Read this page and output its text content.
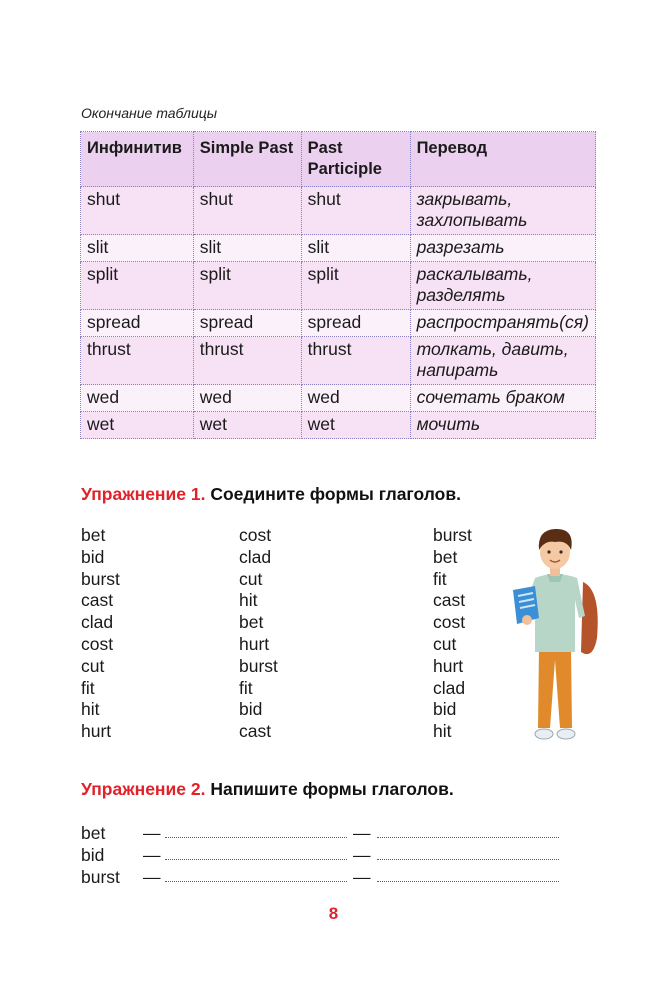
Окончание таблицы
Инфинитив	Simple Past	Past Participle	Перевод
shut	shut	shut	закрывать, захлопывать
slit	slit	slit	разрезать
split	split	split	раскалывать, разделять
spread	spread	spread	распространять(ся)
thrust	thrust	thrust	толкать, давить, напирать
wed	wed	wed	сочетать браком
wet	wet	wet	мочить
Упражнение 1. Соедините формы глаголов.
bet
bid
burst
cast
clad
cost
cut
fit
hit
hurt
cost
clad
cut
hit
bet
hurt
burst
fit
bid
cast
burst
bet
fit
cast
cost
cut
hurt
clad
bid
hit
Упражнение 2. Напишите формы глаголов.
bet —	—
bid —	—
burst —	—
8
